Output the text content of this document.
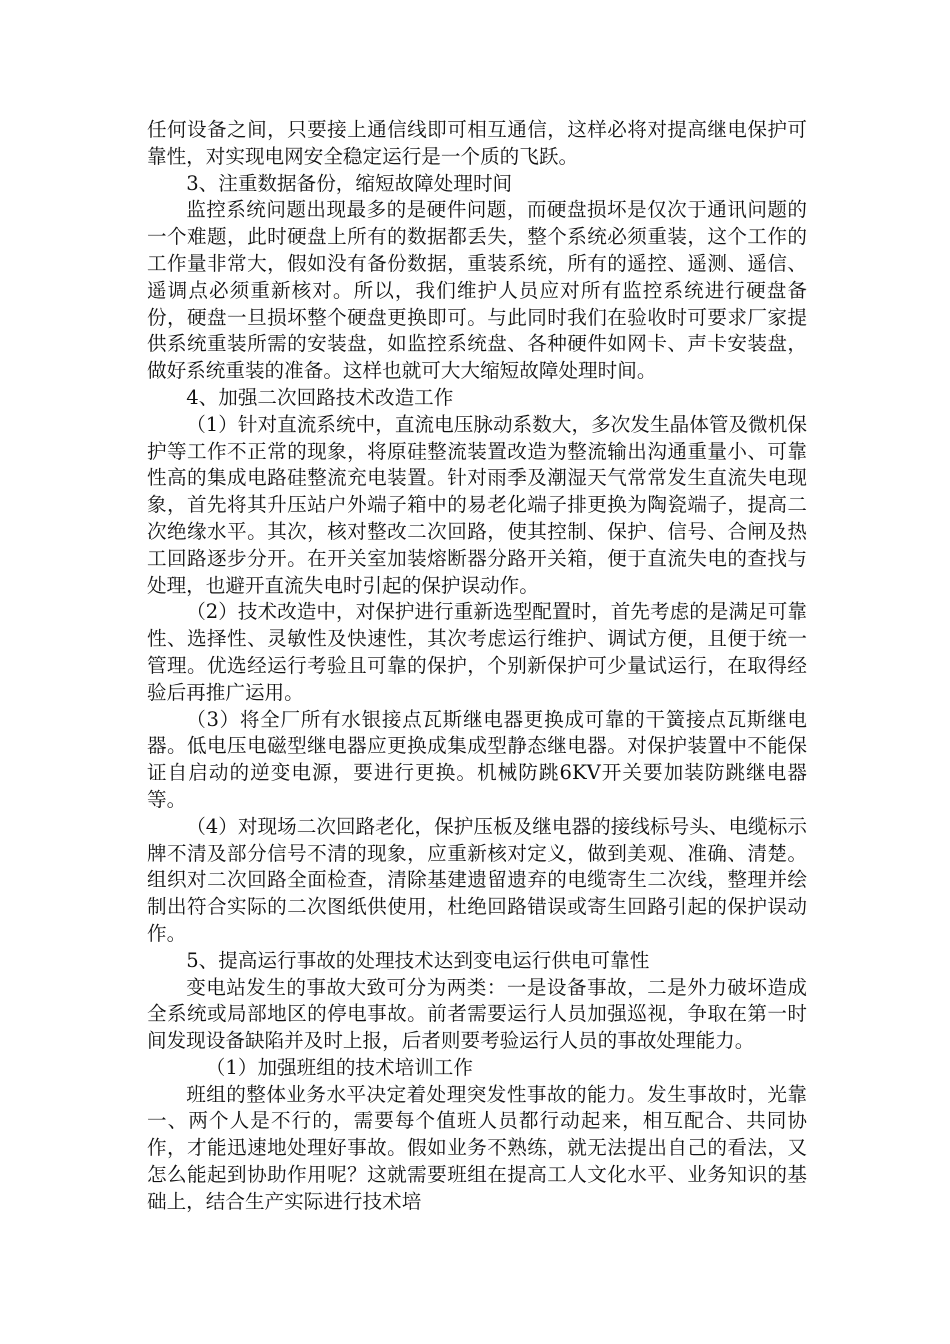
任何设备之间，只要接上通信线即可相互通信，这样必将对提高继电保护可靠性，对实现电网安全稳定运行是一个质的飞跃。

3、注重数据备份，缩短故障处理时间

监控系统问题出现最多的是硬件问题，而硬盘损坏是仅次于通讯问题的一个难题，此时硬盘上所有的数据都丢失，整个系统必须重装，这个工作的工作量非常大，假如没有备份数据，重装系统，所有的遥控、遥测、遥信、遥调点必须重新核对。所以，我们维护人员应对所有监控系统进行硬盘备份，硬盘一旦损坏整个硬盘更换即可。与此同时我们在验收时可要求厂家提供系统重装所需的安装盘，如监控系统盘、各种硬件如网卡、声卡安装盘，做好系统重装的准备。这样也就可大大缩短故障处理时间。

4、加强二次回路技术改造工作

（1）针对直流系统中，直流电压脉动系数大，多次发生晶体管及微机保护等工作不正常的现象，将原硅整流装置改造为整流输出沟通重量小、可靠性高的集成电路硅整流充电装置。针对雨季及潮湿天气常常发生直流失电现象，首先将其升压站户外端子箱中的易老化端子排更换为陶瓷端子，提高二次绝缘水平。其次，核对整改二次回路，使其控制、保护、信号、合闸及热工回路逐步分开。在开关室加装熔断器分路开关箱，便于直流失电的查找与处理，也避开直流失电时引起的保护误动作。

（2）技术改造中，对保护进行重新选型配置时，首先考虑的是满足可靠性、选择性、灵敏性及快速性，其次考虑运行维护、调试方便，且便于统一管理。优选经运行考验且可靠的保护，个别新保护可少量试运行，在取得经验后再推广运用。

（3）将全厂所有水银接点瓦斯继电器更换成可靠的干簧接点瓦斯继电器。低电压电磁型继电器应更换成集成型静态继电器。对保护装置中不能保证自启动的逆变电源，要进行更换。机械防跳6KV开关要加装防跳继电器等。

（4）对现场二次回路老化，保护压板及继电器的接线标号头、电缆标示牌不清及部分信号不清的现象，应重新核对定义，做到美观、准确、清楚。组织对二次回路全面检查，清除基建遗留遗弃的电缆寄生二次线，整理并绘制出符合实际的二次图纸供使用，杜绝回路错误或寄生回路引起的保护误动作。

5、提高运行事故的处理技术达到变电运行供电可靠性

变电站发生的事故大致可分为两类：一是设备事故，二是外力破坏造成全系统或局部地区的停电事故。前者需要运行人员加强巡视，争取在第一时间发现设备缺陷并及时上报，后者则要考验运行人员的事故处理能力。

（1）加强班组的技术培训工作

班组的整体业务水平决定着处理突发性事故的能力。发生事故时，光靠一、两个人是不行的，需要每个值班人员都行动起来，相互配合、共同协作，才能迅速地处理好事故。假如业务不熟练，就无法提出自己的看法，又怎么能起到协助作用呢？这就需要班组在提高工人文化水平、业务知识的基础上，结合生产实际进行技术培
